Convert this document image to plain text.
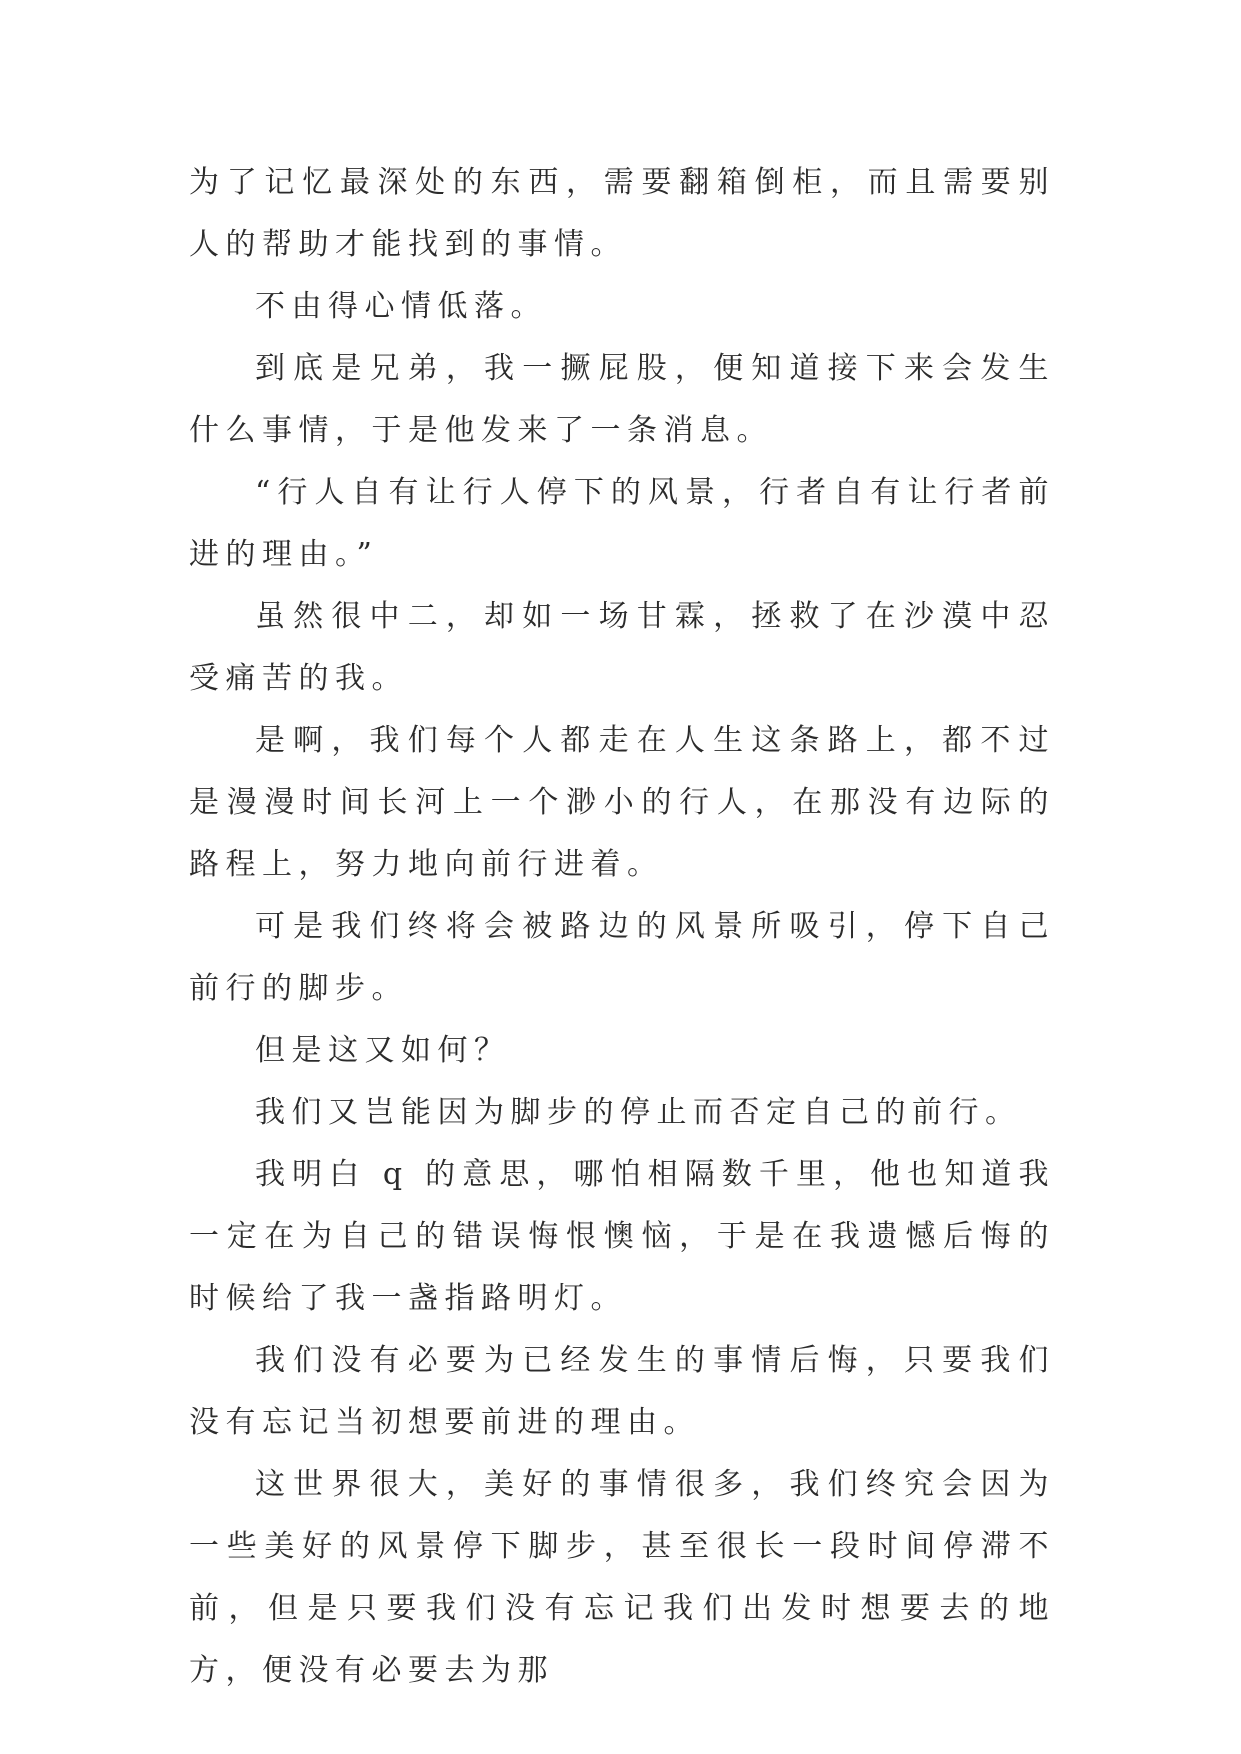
为了记忆最深处的东西，需要翻箱倒柜，而且需要别人的帮助才能找到的事情。

不由得心情低落。

到底是兄弟，我一撅屁股，便知道接下来会发生什么事情，于是他发来了一条消息。

“行人自有让行人停下的风景，行者自有让行者前进的理由。”

虽然很中二，却如一场甘霖，拯救了在沙漠中忍受痛苦的我。

是啊，我们每个人都走在人生这条路上，都不过是漫漫时间长河上一个渺小的行人，在那没有边际的路程上，努力地向前行进着。

可是我们终将会被路边的风景所吸引，停下自己前行的脚步。

但是这又如何？

我们又岂能因为脚步的停止而否定自己的前行。

我明白 q 的意思，哪怕相隔数千里，他也知道我一定在为自己的错误悔恨懊恼，于是在我遗憾后悔的时候给了我一盏指路明灯。

我们没有必要为已经发生的事情后悔，只要我们没有忘记当初想要前进的理由。

这世界很大，美好的事情很多，我们终究会因为一些美好的风景停下脚步，甚至很长一段时间停滞不前，但是只要我们没有忘记我们出发时想要去的地方，便没有必要去为那
